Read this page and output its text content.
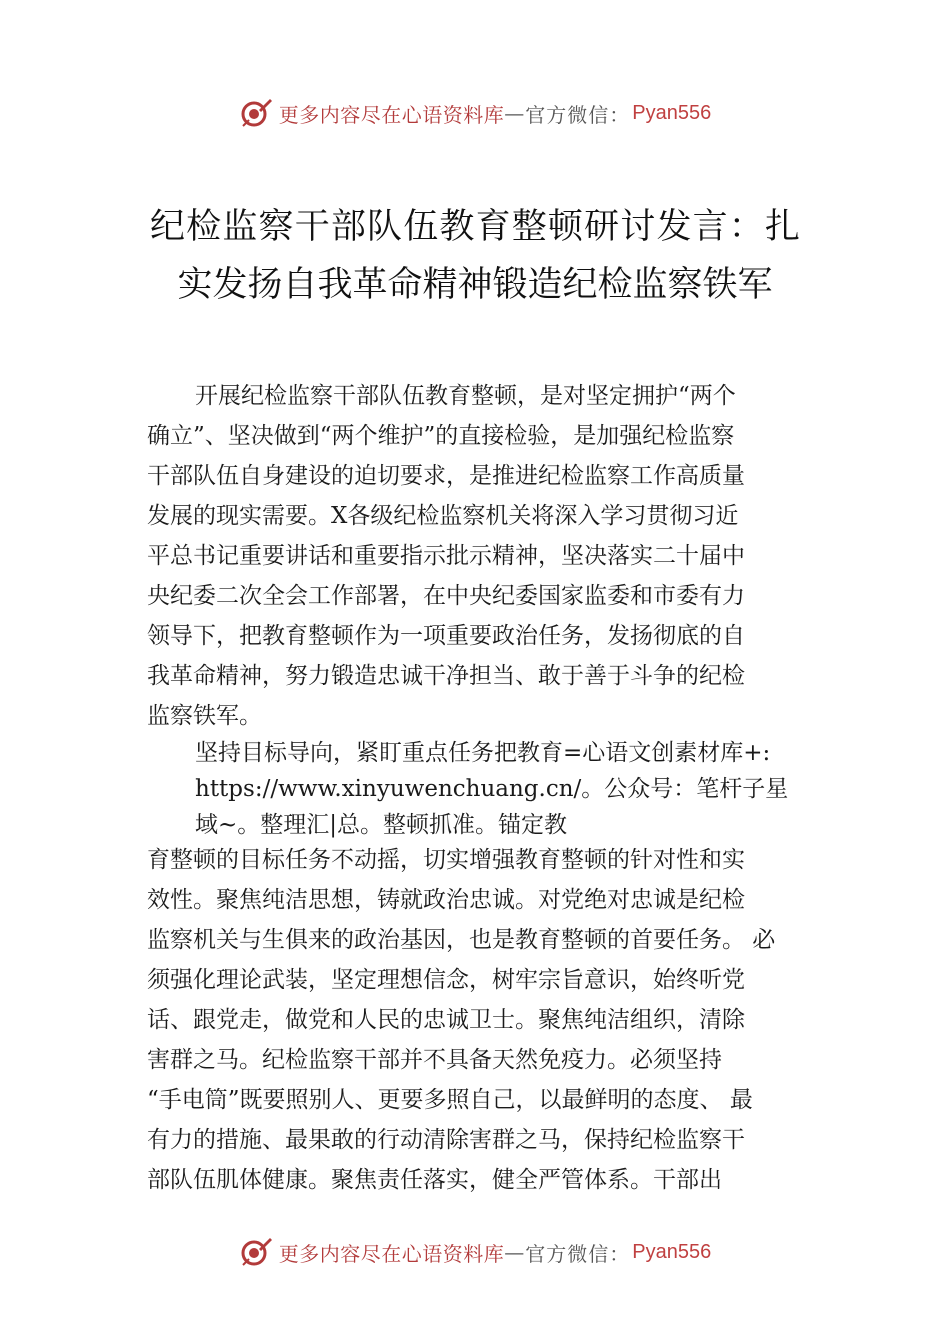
更多内容尽在心语资料库 — 官方微信： Pyan556
纪检监察干部队伍教育整顿研讨发言：扎
实发扬自我革命精神锻造纪检监察铁军
开展纪检监察干部队伍教育整顿，是对坚定拥护“两个
确立”、坚决做到“两个维护”的直接检验，是加强纪检监察
干部队伍自身建设的迫切要求，是推进纪检监察工作高质量
发展的现实需要。X各级纪检监察机关将深入学习贯彻习近
平总书记重要讲话和重要指示批示精神，坚决落实二十届中
央纪委二次全会工作部署，在中央纪委国家监委和市委有力
领导下，把教育整顿作为一项重要政治任务，发扬彻底的自
我革命精神，努力锻造忠诚干净担当、敢于善于斗争的纪检
监察铁军。
坚持目标导向，紧盯重点任务把教育=心语文创素材库+:
https://www.xinyuwenchuang.cn/。公众号：笔杆子星
域~。整理汇|总。整顿抓准。锚定教
育整顿的目标任务不动摇，切实增强教育整顿的针对性和实
效性。聚焦纯洁思想，铸就政治忠诚。对党绝对忠诚是纪检
监察机关与生俱来的政治基因，也是教育整顿的首要任务。 必
须强化理论武装，坚定理想信念，树牢宗旨意识，始终听党
话、跟党走，做党和人民的忠诚卫士。聚焦纯洁组织，清除
害群之马。纪检监察干部并不具备天然免疫力。必须坚持
“手电筒”既要照别人、更要多照自己，以最鲜明的态度、 最
有力的措施、最果敢的行动清除害群之马，保持纪检监察干
部队伍肌体健康。聚焦责任落实，健全严管体系。干部出
更多内容尽在心语资料库 — 官方微信： Pyan556
